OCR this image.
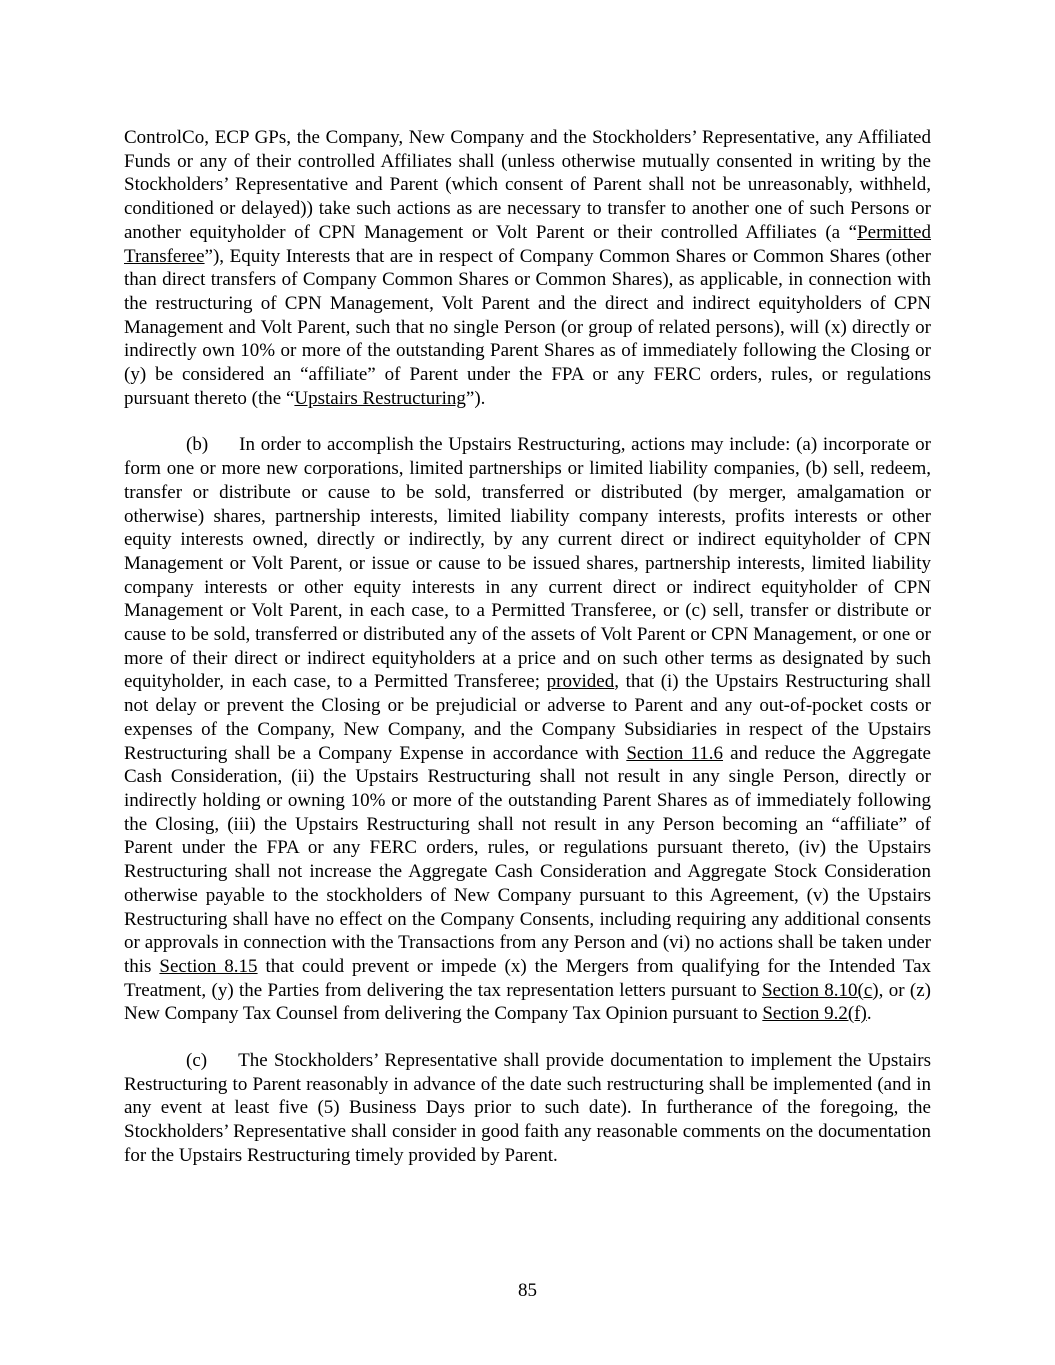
ControlCo, ECP GPs, the Company, New Company and the Stockholders’ Representative, any Affiliated Funds or any of their controlled Affiliates shall (unless otherwise mutually consented in writing by the Stockholders’ Representative and Parent (which consent of Parent shall not be unreasonably, withheld, conditioned or delayed)) take such actions as are necessary to transfer to another one of such Persons or another equityholder of CPN Management or Volt Parent or their controlled Affiliates (a “Permitted Transferee”), Equity Interests that are in respect of Company Common Shares or Common Shares (other than direct transfers of Company Common Shares or Common Shares), as applicable, in connection with the restructuring of CPN Management, Volt Parent and the direct and indirect equityholders of CPN Management and Volt Parent, such that no single Person (or group of related persons), will (x) directly or indirectly own 10% or more of the outstanding Parent Shares as of immediately following the Closing or (y) be considered an “affiliate” of Parent under the FPA or any FERC orders, rules, or regulations pursuant thereto (the “Upstairs Restructuring”).

(b) In order to accomplish the Upstairs Restructuring, actions may include: (a) incorporate or form one or more new corporations, limited partnerships or limited liability companies, (b) sell, redeem, transfer or distribute or cause to be sold, transferred or distributed (by merger, amalgamation or otherwise) shares, partnership interests, limited liability company interests, profits interests or other equity interests owned, directly or indirectly, by any current direct or indirect equityholder of CPN Management or Volt Parent, or issue or cause to be issued shares, partnership interests, limited liability company interests or other equity interests in any current direct or indirect equityholder of CPN Management or Volt Parent, in each case, to a Permitted Transferee, or (c) sell, transfer or distribute or cause to be sold, transferred or distributed any of the assets of Volt Parent or CPN Management, or one or more of their direct or indirect equityholders at a price and on such other terms as designated by such equityholder, in each case, to a Permitted Transferee; provided, that (i) the Upstairs Restructuring shall not delay or prevent the Closing or be prejudicial or adverse to Parent and any out-of-pocket costs or expenses of the Company, New Company, and the Company Subsidiaries in respect of the Upstairs Restructuring shall be a Company Expense in accordance with Section 11.6 and reduce the Aggregate Cash Consideration, (ii) the Upstairs Restructuring shall not result in any single Person, directly or indirectly holding or owning 10% or more of the outstanding Parent Shares as of immediately following the Closing, (iii) the Upstairs Restructuring shall not result in any Person becoming an “affiliate” of Parent under the FPA or any FERC orders, rules, or regulations pursuant thereto, (iv) the Upstairs Restructuring shall not increase the Aggregate Cash Consideration and Aggregate Stock Consideration otherwise payable to the stockholders of New Company pursuant to this Agreement, (v) the Upstairs Restructuring shall have no effect on the Company Consents, including requiring any additional consents or approvals in connection with the Transactions from any Person and (vi) no actions shall be taken under this Section 8.15 that could prevent or impede (x) the Mergers from qualifying for the Intended Tax Treatment, (y) the Parties from delivering the tax representation letters pursuant to Section 8.10(c), or (z) New Company Tax Counsel from delivering the Company Tax Opinion pursuant to Section 9.2(f).

(c) The Stockholders’ Representative shall provide documentation to implement the Upstairs Restructuring to Parent reasonably in advance of the date such restructuring shall be implemented (and in any event at least five (5) Business Days prior to such date). In furtherance of the foregoing, the Stockholders’ Representative shall consider in good faith any reasonable comments on the documentation for the Upstairs Restructuring timely provided by Parent.

85
